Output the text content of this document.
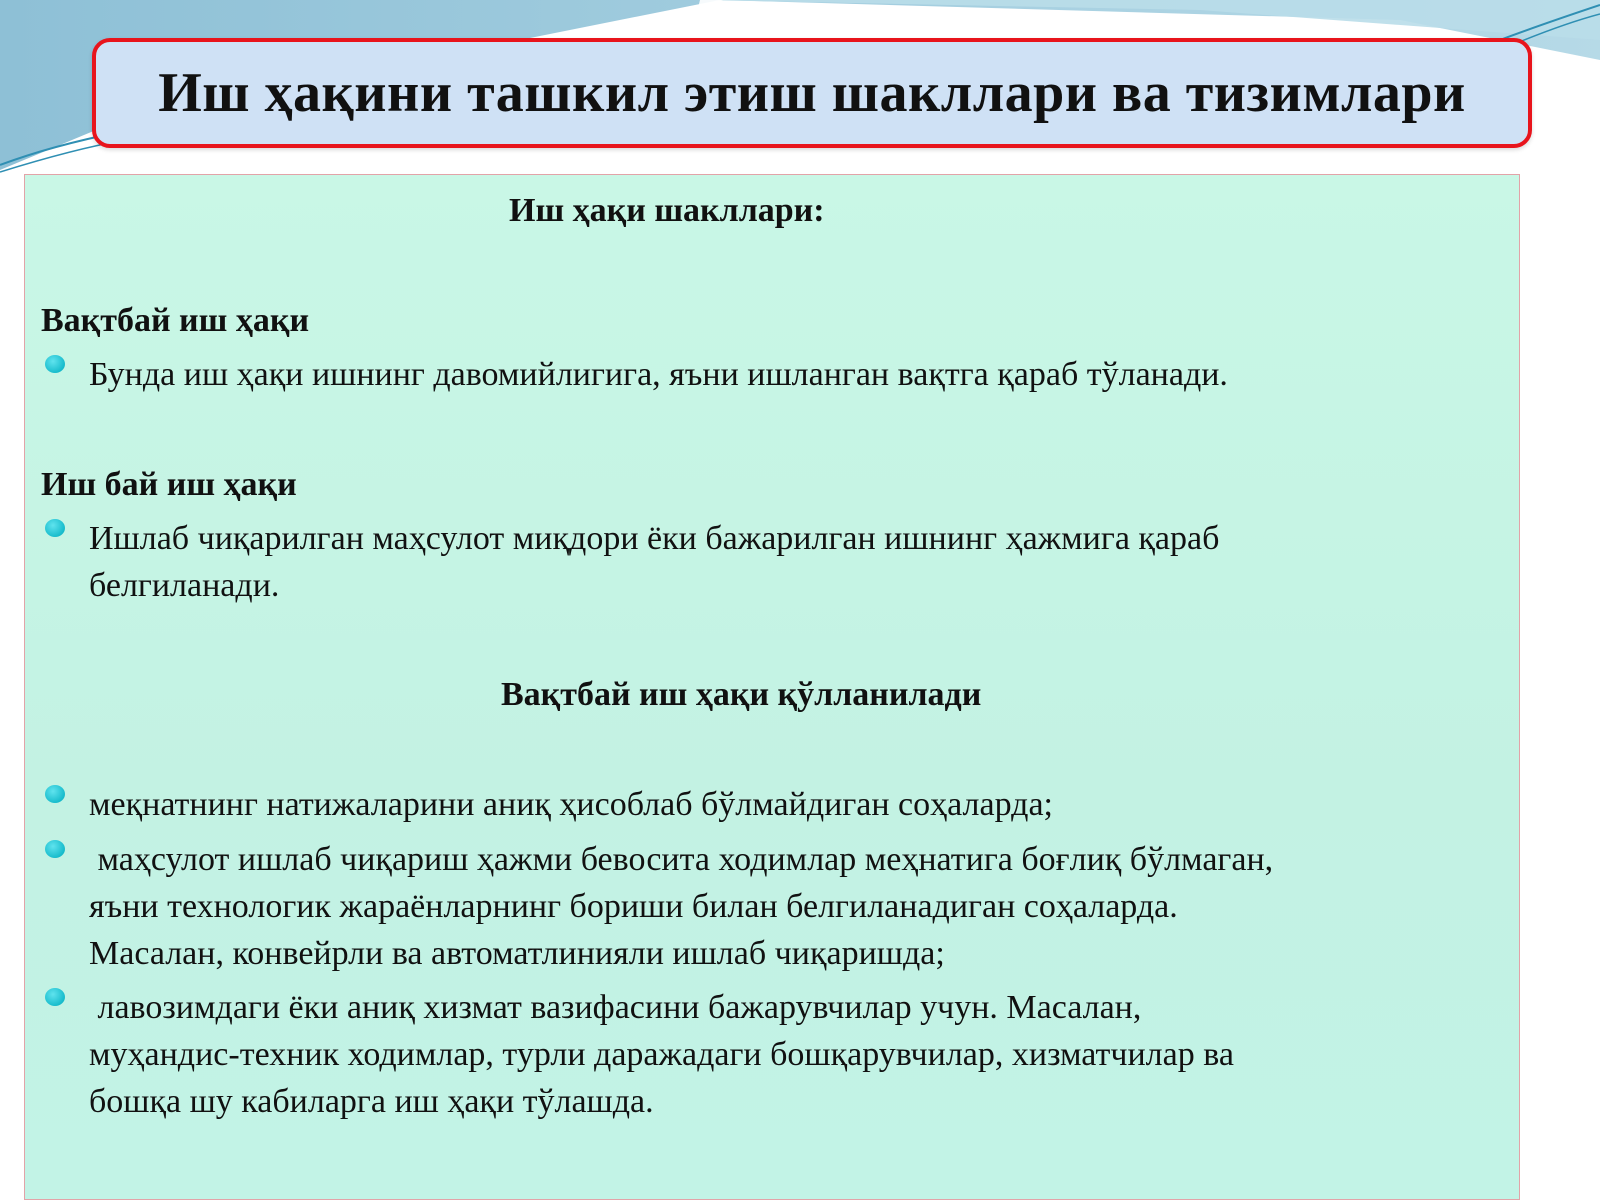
Иш ҳақини ташкил этиш шакллари ва тизимлари

Иш ҳақи шакллари:

Вақтбай иш ҳақи

Бунда иш ҳақи ишнинг давомийлигига, яъни ишланган вақтга қараб тўланади.

Иш бай иш ҳақи

Ишлаб чиқарилган маҳсулот миқдори ёки бажарилган ишнинг ҳажмига қараб

белгиланади.

Вақтбай иш ҳақи қўлланилади

меқнатнинг натижаларини аниқ ҳисоблаб бўлмайдиган соҳаларда;

маҳсулот ишлаб чиқариш ҳажми бевосита ходимлар меҳнатига боғлиқ бўлмаган,

яъни технологик жараёнларнинг бориши билан белгиланадиган соҳаларда.

Масалан, конвейрли ва автоматлинияли ишлаб чиқаришда;

лавозимдаги ёки аниқ хизмат вазифасини бажарувчилар учун. Масалан,

муҳандис-техник ходимлар, турли даражадаги бошқарувчилар, хизматчилар ва

бошқа шу кабиларга иш ҳақи тўлашда.
